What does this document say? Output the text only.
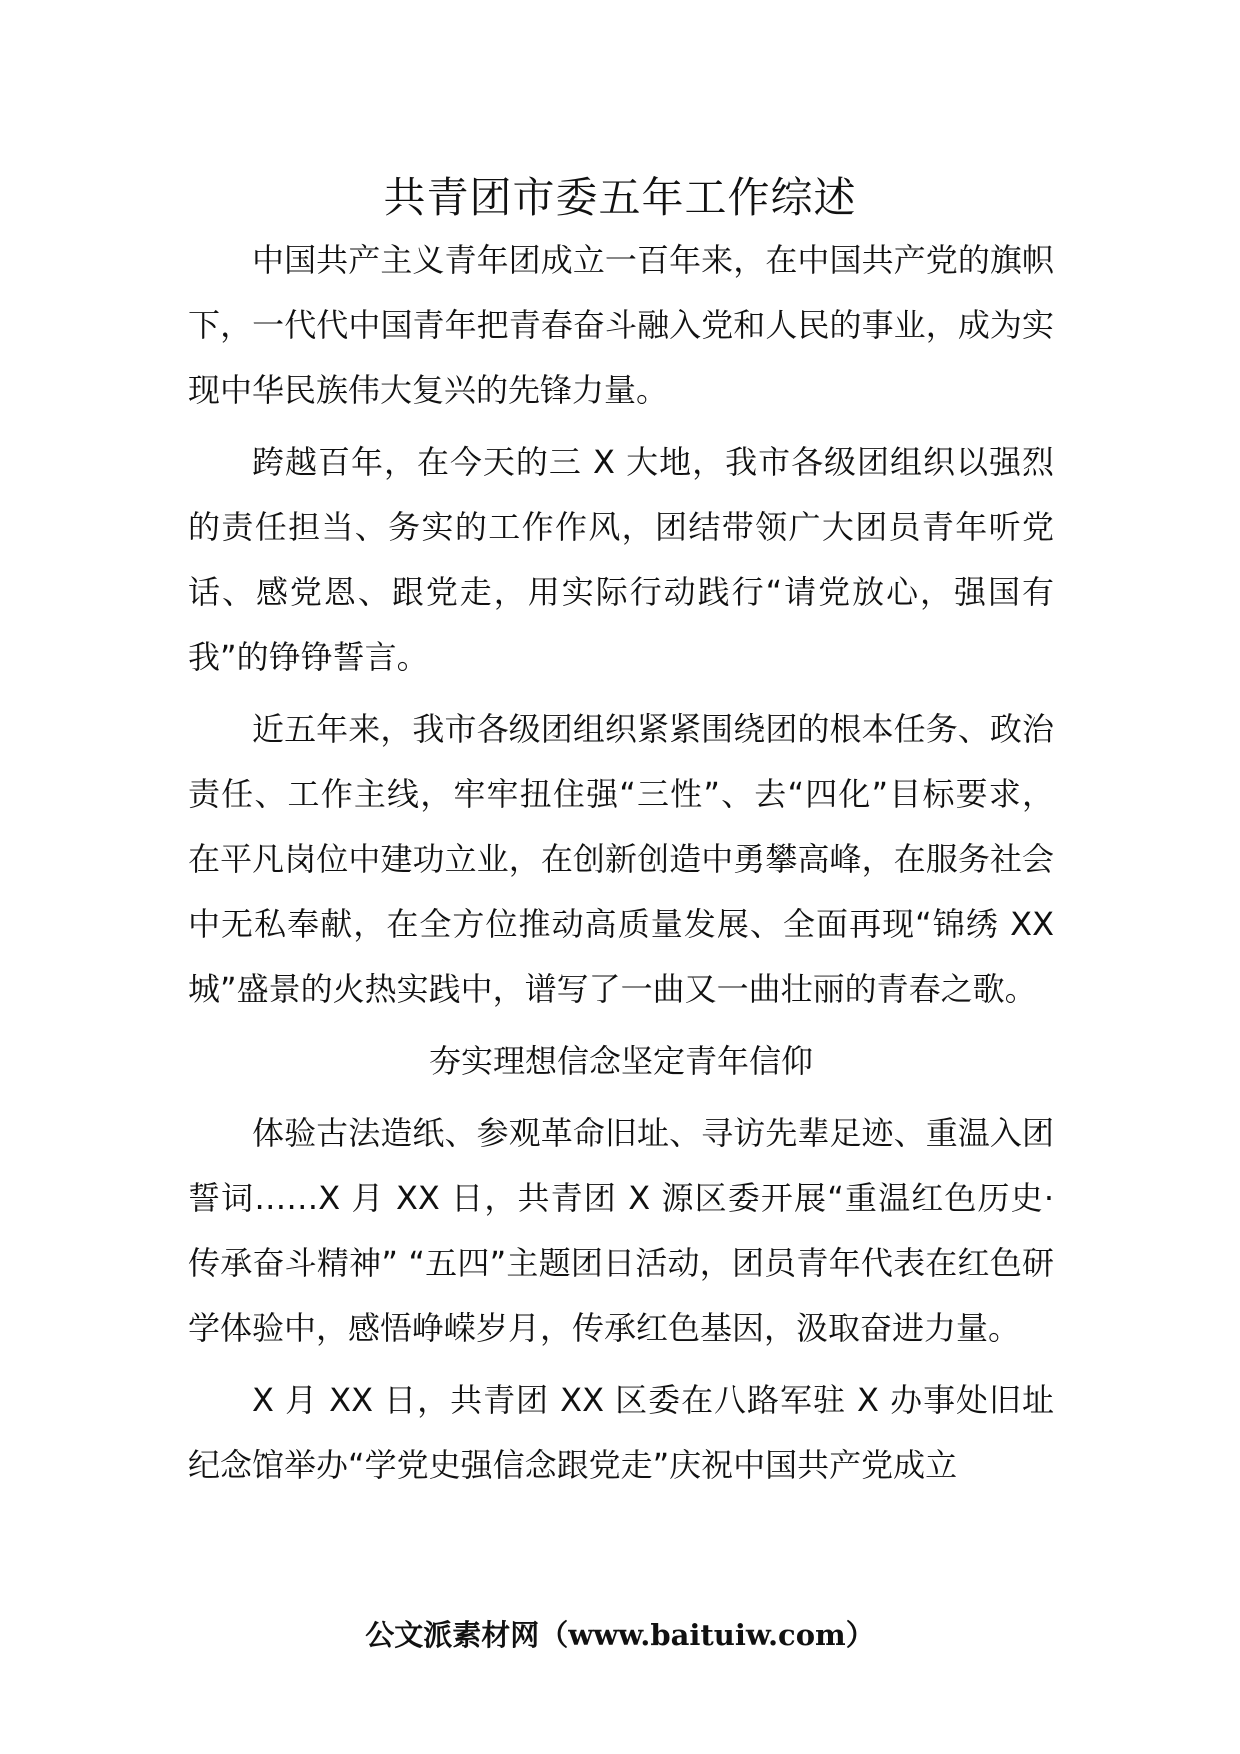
共青团市委五年工作综述

中国共产主义青年团成立一百年来，在中国共产党的旗帜下，一代代中国青年把青春奋斗融入党和人民的事业，成为实现中华民族伟大复兴的先锋力量。

跨越百年，在今天的三 X 大地，我市各级团组织以强烈的责任担当、务实的工作作风，团结带领广大团员青年听党话、感党恩、跟党走，用实际行动践行“请党放心，强国有我”的铮铮誓言。

近五年来，我市各级团组织紧紧围绕团的根本任务、政治责任、工作主线，牢牢扭住强“三性”、去“四化”目标要求，在平凡岗位中建功立业，在创新创造中勇攀高峰，在服务社会中无私奉献，在全方位推动高质量发展、全面再现“锦绣 XX 城”盛景的火热实践中，谱写了一曲又一曲壮丽的青春之歌。

夯实理想信念坚定青年信仰

体验古法造纸、参观革命旧址、寻访先辈足迹、重温入团誓词……X 月 XX 日，共青团 X 源区委开展“重温红色历史·传承奋斗精神” “五四”主题团日活动，团员青年代表在红色研学体验中，感悟峥嵘岁月，传承红色基因，汲取奋进力量。

X 月 XX 日，共青团 XX 区委在八路军驻 X 办事处旧址纪念馆举办“学党史强信念跟党走”庆祝中国共产党成立

公文派素材网（www.baituiw.com）
